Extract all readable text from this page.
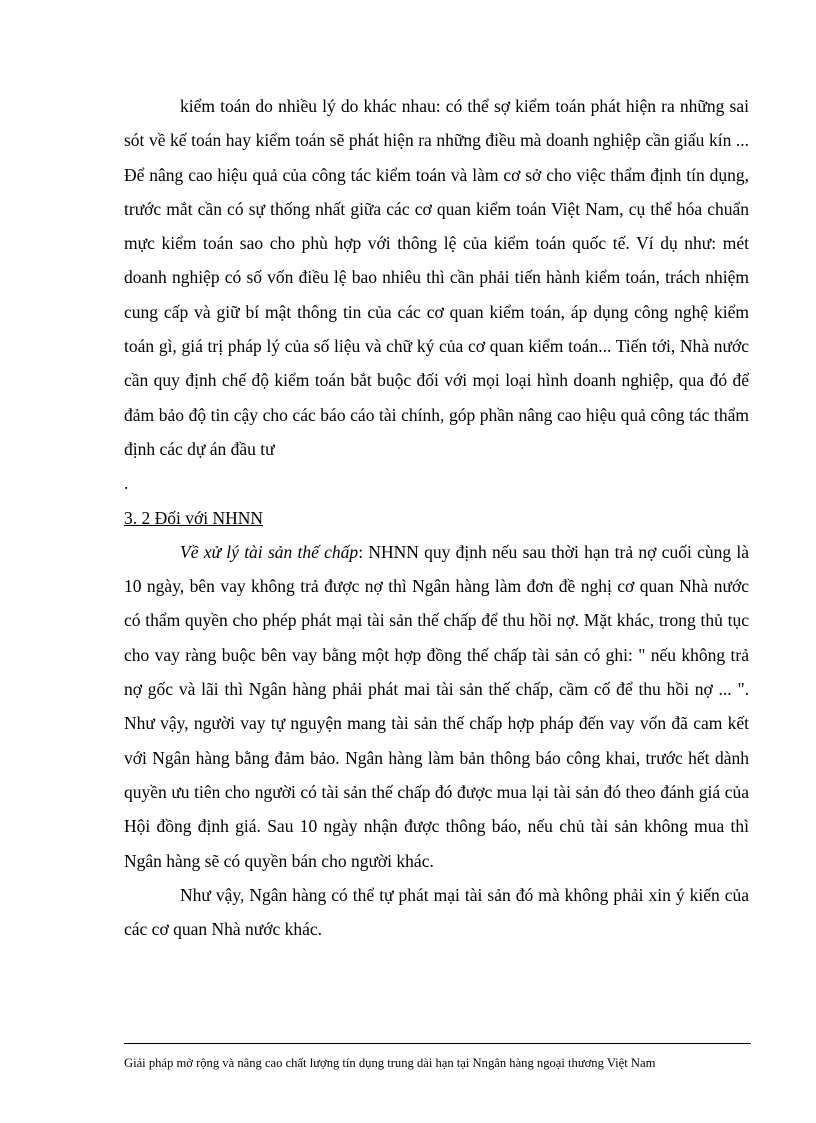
kiểm toán do nhiều lý do khác nhau: có thể sợ kiểm toán phát hiện ra những sai sót về kế toán hay kiểm toán sẽ phát hiện ra những điều mà doanh nghiệp cần giấu kín ... Để nâng cao hiệu quả của công tác kiểm toán và làm cơ sở cho việc thẩm định tín dụng, trước mắt cần có sự thống nhất giữa các cơ quan kiểm toán Việt Nam, cụ thể hóa chuẩn mực kiểm toán sao cho phù hợp với thông lệ của kiểm toán quốc tế. Ví dụ như: mét doanh nghiệp có số vốn điều lệ bao nhiêu thì cần phải tiến hành kiểm toán, trách nhiệm cung cấp và giữ bí mật thông tin của các cơ quan kiểm toán, áp dụng công nghệ kiểm toán gì, giá trị pháp lý của số liệu và chữ ký của cơ quan kiểm toán... Tiến tới, Nhà nước cần quy định chế độ kiểm toán bắt buộc đối với mọi loại hình doanh nghiệp, qua đó để đảm bảo độ tin cậy cho các báo cáo tài chính, góp phần nâng cao hiệu quả công tác thẩm định các dự án đầu tư

.

3. 2 Đối với NHNN

Về xử lý tài sản thế chấp: NHNN quy định nếu sau thời hạn trả nợ cuối cùng là 10 ngày, bên vay không trả được nợ thì Ngân hàng làm đơn đề nghị cơ quan Nhà nước có thẩm quyền cho phép phát mại tài sản thế chấp để thu hồi nợ. Mặt khác, trong thủ tục cho vay ràng buộc bên vay bằng một hợp đồng thế chấp tài sản có ghi: " nếu không trả nợ gốc và lãi thì Ngân hàng phải phát mai tài sản thế chấp, cầm cố để thu hồi nợ ... ". Như vậy, người vay tự nguyện mang tài sản thế chấp hợp pháp đến vay vốn đã cam kết với Ngân hàng bằng đảm bảo. Ngân hàng làm bản thông báo công khai, trước hết dành quyền ưu tiên cho người có tài sản thế chấp đó được mua lại tài sản đó theo đánh giá của Hội đồng định giá. Sau 10 ngày nhận được thông báo, nếu chủ tài sản không mua thì Ngân hàng sẽ có quyền bán cho người khác.

Như vậy, Ngân hàng có thể tự phát mại tài sản đó mà không phải xin ý kiến của các cơ quan Nhà nước khác.

Giải pháp mở rộng và nâng cao chất lượng tín dụng trung dài hạn tại Nngân hàng ngoại thương Việt Nam
